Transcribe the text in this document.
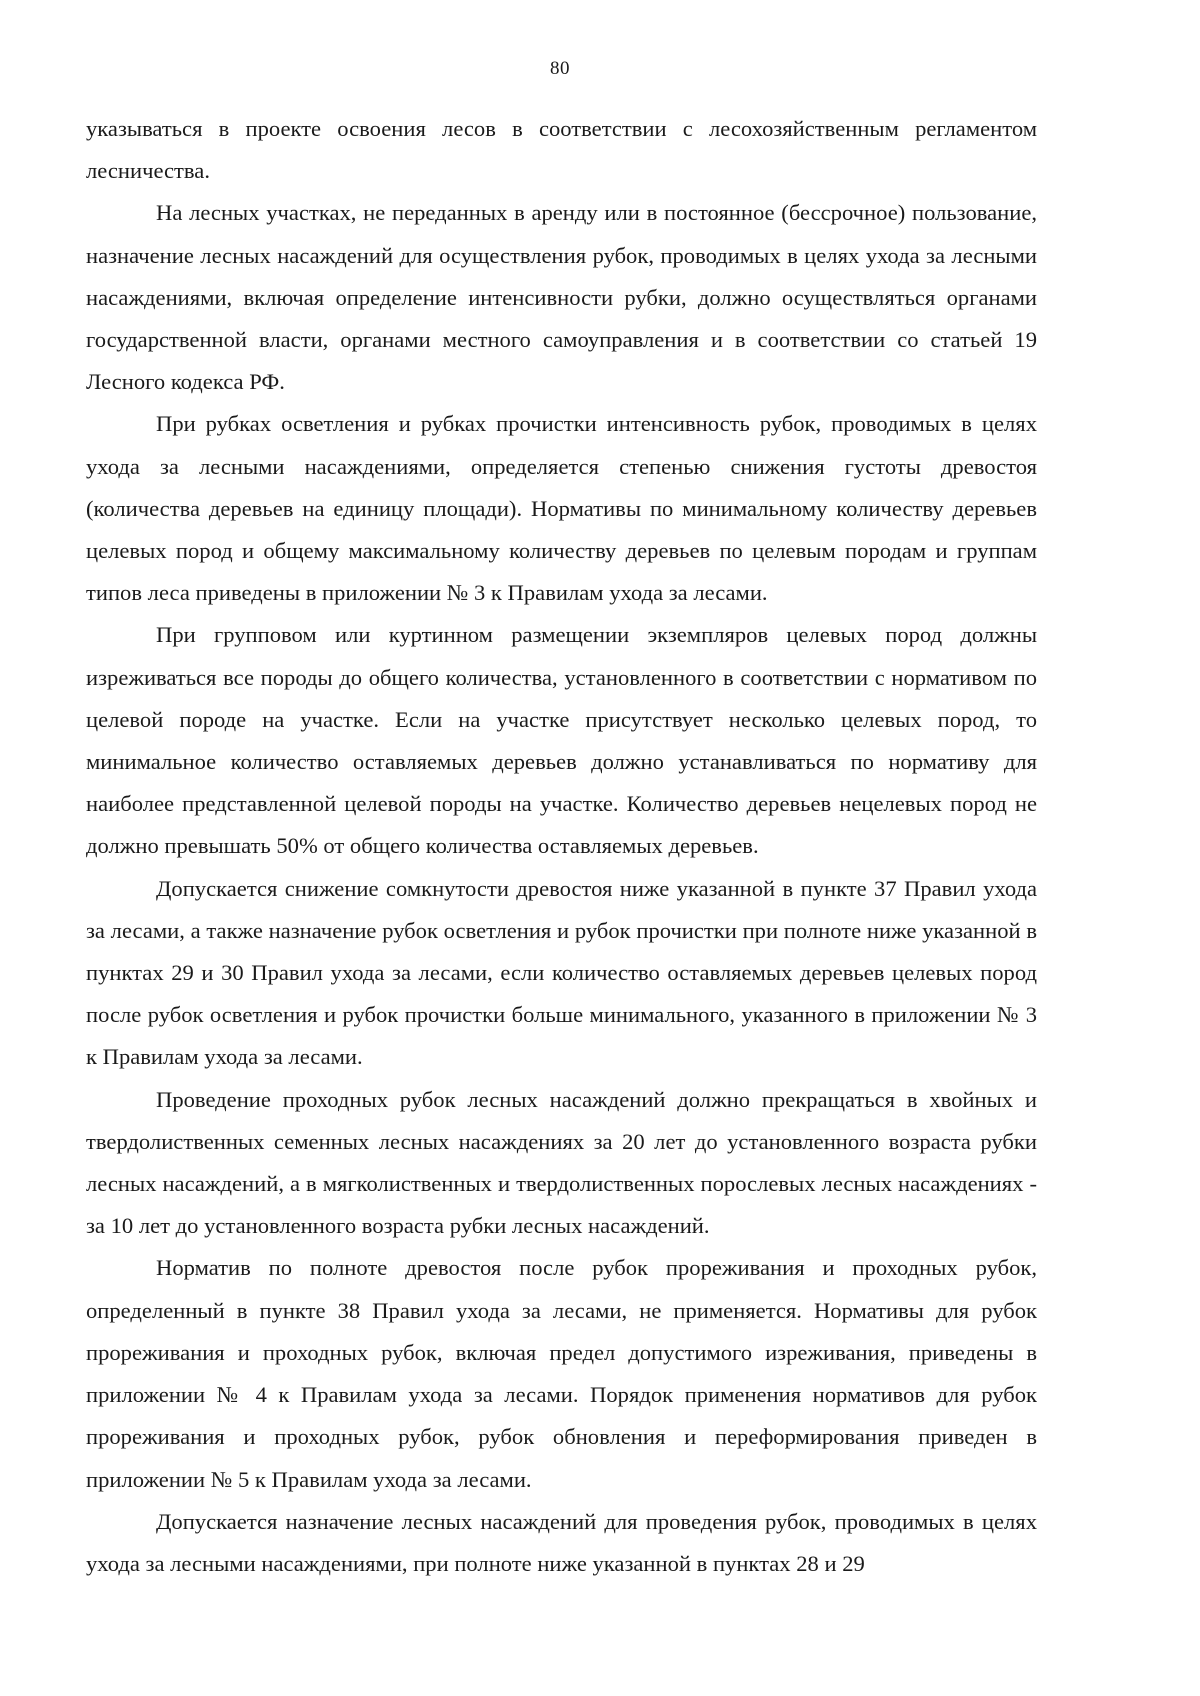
80

указываться в проекте освоения лесов в соответствии с лесохозяйственным регламентом лесничества.

На лесных участках, не переданных в аренду или в постоянное (бессрочное) пользование, назначение лесных насаждений для осуществления рубок, проводимых в целях ухода за лесными насаждениями, включая определение интенсивности рубки, должно осуществляться органами государственной власти, органами местного самоуправления и в соответствии со статьей 19 Лесного кодекса РФ.

При рубках осветления и рубках прочистки интенсивность рубок, проводимых в целях ухода за лесными насаждениями, определяется степенью снижения густоты древостоя (количества деревьев на единицу площади). Нормативы по минимальному количеству деревьев целевых пород и общему максимальному количеству деревьев по целевым породам и группам типов леса приведены в приложении № 3 к Правилам ухода за лесами.

При групповом или куртинном размещении экземпляров целевых пород должны изреживаться все породы до общего количества, установленного в соответствии с нормативом по целевой породе на участке. Если на участке присутствует несколько целевых пород, то минимальное количество оставляемых деревьев должно устанавливаться по нормативу для наиболее представленной целевой породы на участке. Количество деревьев нецелевых пород не должно превышать 50% от общего количества оставляемых деревьев.

Допускается снижение сомкнутости древостоя ниже указанной в пункте 37 Правил ухода за лесами, а также назначение рубок осветления и рубок прочистки при полноте ниже указанной в пунктах 29 и 30 Правил ухода за лесами, если количество оставляемых деревьев целевых пород после рубок осветления и рубок прочистки больше минимального, указанного в приложении № 3 к Правилам ухода за лесами.

Проведение проходных рубок лесных насаждений должно прекращаться в хвойных и твердолиственных семенных лесных насаждениях за 20 лет до установленного возраста рубки лесных насаждений, а в мягколиственных и твердолиственных порослевых лесных насаждениях - за 10 лет до установленного возраста рубки лесных насаждений.

Норматив по полноте древостоя после рубок прореживания и проходных рубок, определенный в пункте 38 Правил ухода за лесами, не применяется. Нормативы для рубок прореживания и проходных рубок, включая предел допустимого изреживания, приведены в приложении № 4 к Правилам ухода за лесами. Порядок применения нормативов для рубок прореживания и проходных рубок, рубок обновления и переформирования приведен в приложении № 5 к Правилам ухода за лесами.

Допускается назначение лесных насаждений для проведения рубок, проводимых в целях ухода за лесными насаждениями, при полноте ниже указанной в пунктах 28 и 29
